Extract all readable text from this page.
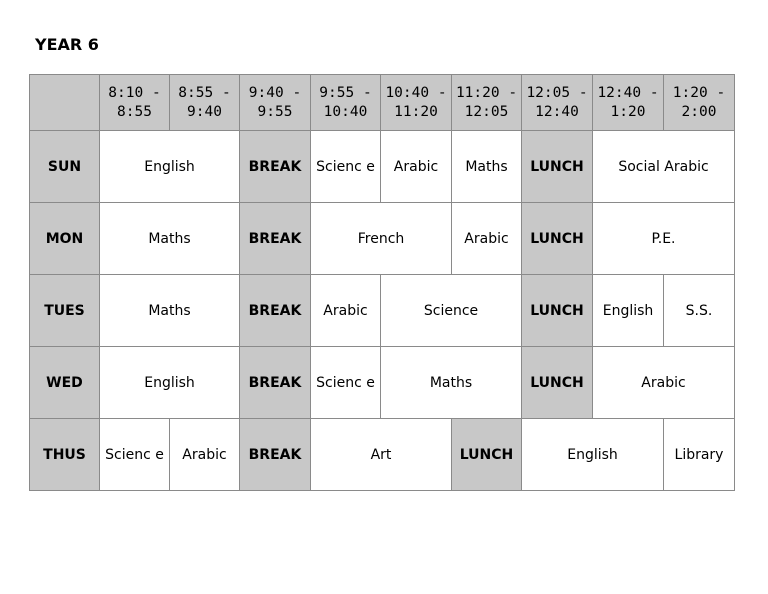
YEAR 6
	8:10 - 8:55	8:55 - 9:40	9:40 - 9:55	9:55 - 10:40	10:40 - 11:20	11:20 - 12:05	12:05 - 12:40	12:40 - 1:20	1:20 - 2:00
SUN	English		BREAK	Scienc e	Arabic	Maths	LUNCH	Social Arabic	
MON	Maths		BREAK	French		Arabic	LUNCH	P.E.	
TUES	Maths		BREAK	Arabic	Science		LUNCH	English	S.S.
WED	English		BREAK	Scienc e	Maths		LUNCH	Arabic	
THUS	Scienc e	Arabic	BREAK	Art		LUNCH	English		Library
